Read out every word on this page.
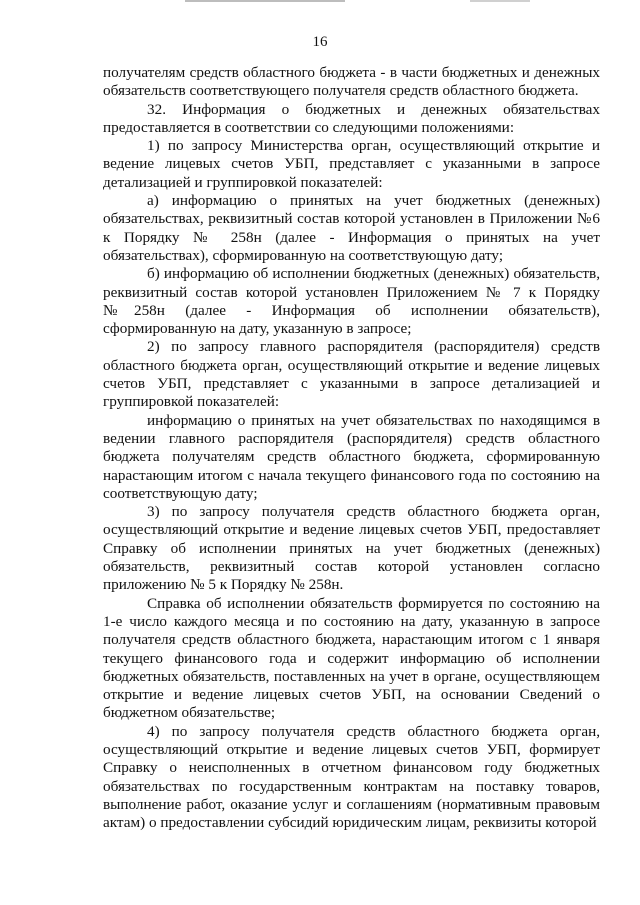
16

получателям средств областного бюджета - в части бюджетных и денежных обязательств соответствующего получателя средств областного бюджета.

32. Информация о бюджетных и денежных обязательствах предоставляется в соответствии со следующими положениями:

1) по запросу Министерства орган, осуществляющий открытие и ведение лицевых счетов УБП, представляет с указанными в запросе детализацией и группировкой показателей:

а) информацию о принятых на учет бюджетных (денежных) обязательствах, реквизитный состав которой установлен в Приложении №6 к Порядку № 258н (далее - Информация о принятых на учет обязательствах), сформированную на соответствующую дату;

б) информацию об исполнении бюджетных (денежных) обязательств, реквизитный состав которой установлен Приложением № 7 к Порядку №258н (далее - Информация об исполнении обязательств), сформированную на дату, указанную в запросе;

2) по запросу главного распорядителя (распорядителя) средств областного бюджета орган, осуществляющий открытие и ведение лицевых счетов УБП, представляет с указанными в запросе детализацией и группировкой показателей:

информацию о принятых на учет обязательствах по находящимся в ведении главного распорядителя (распорядителя) средств областного бюджета получателям средств областного бюджета, сформированную нарастающим итогом с начала текущего финансового года по состоянию на соответствующую дату;

3) по запросу получателя средств областного бюджета орган, осуществляющий открытие и ведение лицевых счетов УБП, предоставляет Справку об исполнении принятых на учет бюджетных (денежных) обязательств, реквизитный состав которой установлен согласно приложению № 5 к Порядку № 258н.

Справка об исполнении обязательств формируется по состоянию на 1-е число каждого месяца и по состоянию на дату, указанную в запросе получателя средств областного бюджета, нарастающим итогом с 1 января текущего финансового года и содержит информацию об исполнении бюджетных обязательств, поставленных на учет в органе, осуществляющем открытие и ведение лицевых счетов УБП, на основании Сведений о бюджетном обязательстве;

4) по запросу получателя средств областного бюджета орган, осуществляющий открытие и ведение лицевых счетов УБП, формирует Справку о неисполненных в отчетном финансовом году бюджетных обязательствах по государственным контрактам на поставку товаров, выполнение работ, оказание услуг и соглашениям (нормативным правовым актам) о предоставлении субсидий юридическим лицам, реквизиты которой
